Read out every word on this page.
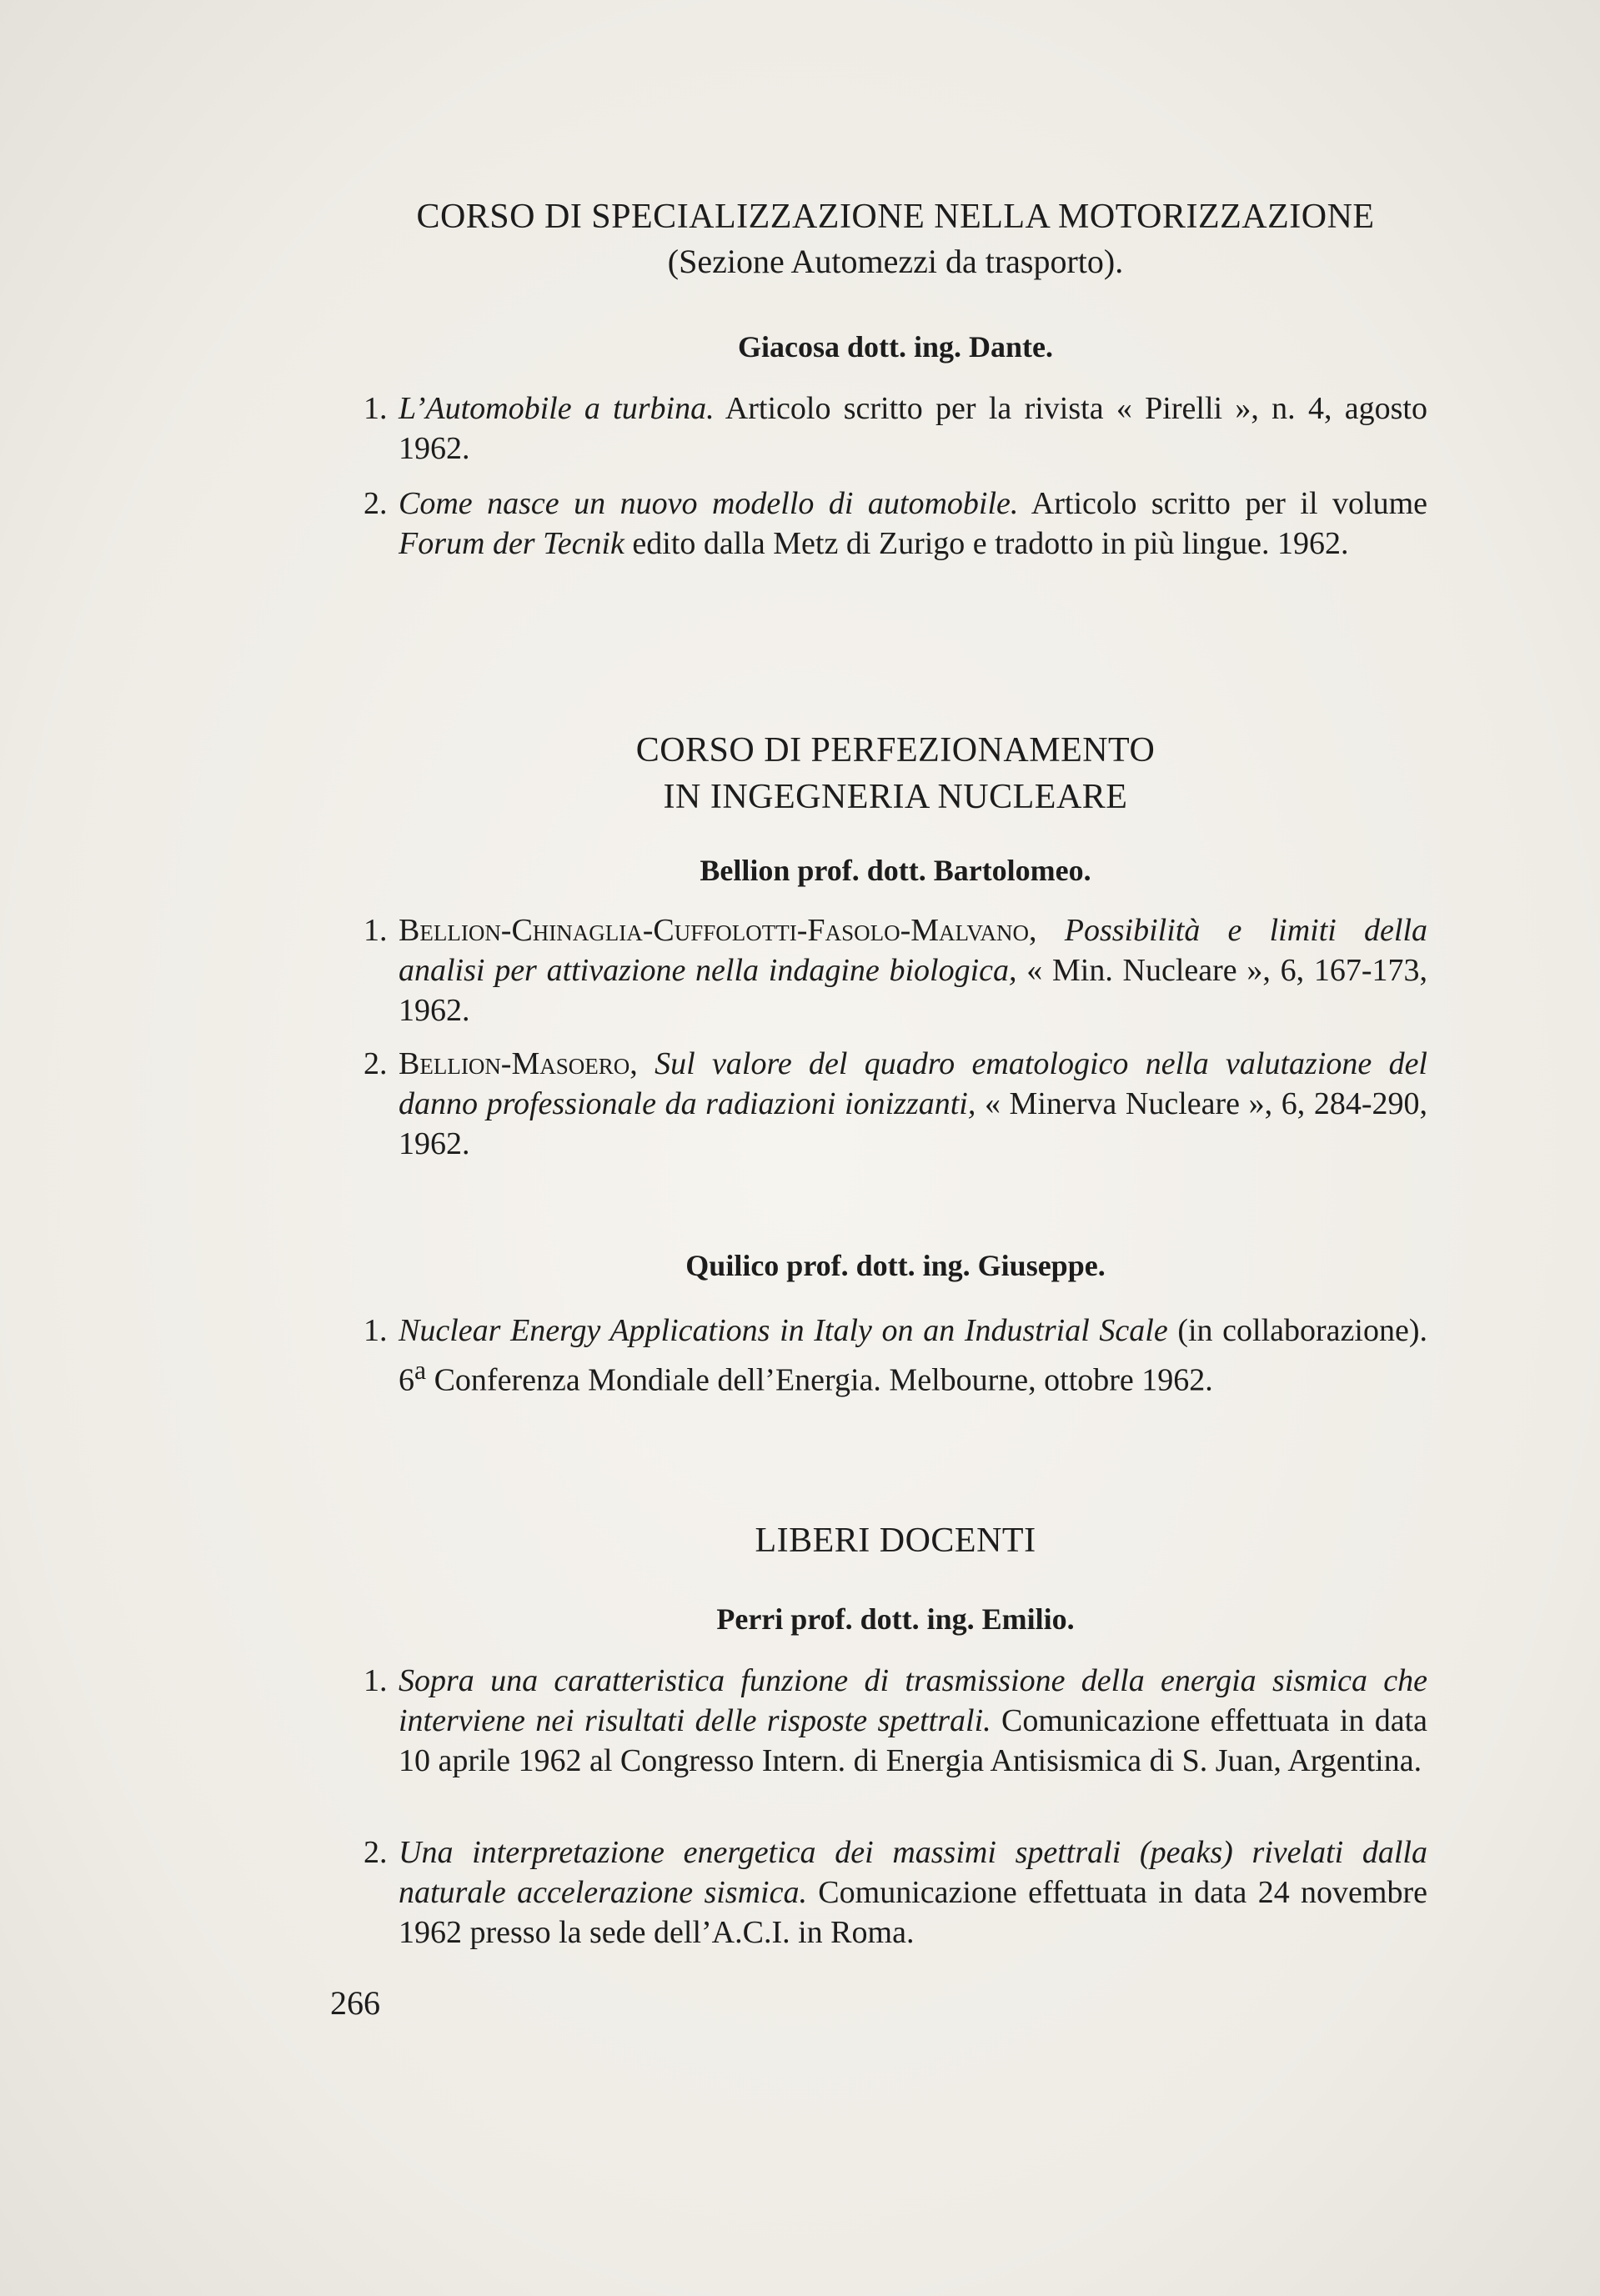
CORSO DI SPECIALIZZAZIONE NELLA MOTORIZZAZIONE

(Sezione Automezzi da trasporto).

Giacosa dott. ing. Dante.

1. L’Automobile a turbina. Articolo scritto per la rivista « Pirelli », n. 4, agosto 1962.
2. Come nasce un nuovo modello di automobile. Articolo scritto per il volume Forum der Tecnik edito dalla Metz di Zurigo e tradotto in più lingue. 1962.

CORSO DI PERFEZIONAMENTO

IN INGEGNERIA NUCLEARE

Bellion prof. dott. Bartolomeo.

1. Bellion-Chinaglia-Cuffolotti-Fasolo-Malvano, Possibilità e limiti della analisi per attivazione nella indagine biologica, « Min. Nucleare », 6, 167-173, 1962.
2. Bellion-Masoero, Sul valore del quadro ematologico nella valutazione del danno professionale da radiazioni ionizzanti, « Minerva Nucleare », 6, 284-290, 1962.

Quilico prof. dott. ing. Giuseppe.

1. Nuclear Energy Applications in Italy on an Industrial Scale (in collaborazione). 6$^a$ Conferenza Mondiale dell’Energia. Melbourne, ottobre 1962.

LIBERI DOCENTI

Perri prof. dott. ing. Emilio.

1. Sopra una caratteristica funzione di trasmissione della energia sismica che interviene nei risultati delle risposte spettrali. Comunicazione effettuata in data 10 aprile 1962 al Congresso Intern. di Energia Antisismica di S. Juan, Argentina.
2. Una interpretazione energetica dei massimi spettrali (peaks) rivelati dalla naturale accelerazione sismica. Comunicazione effettuata in data 24 novembre 1962 presso la sede dell’A.C.I. in Roma.
266
